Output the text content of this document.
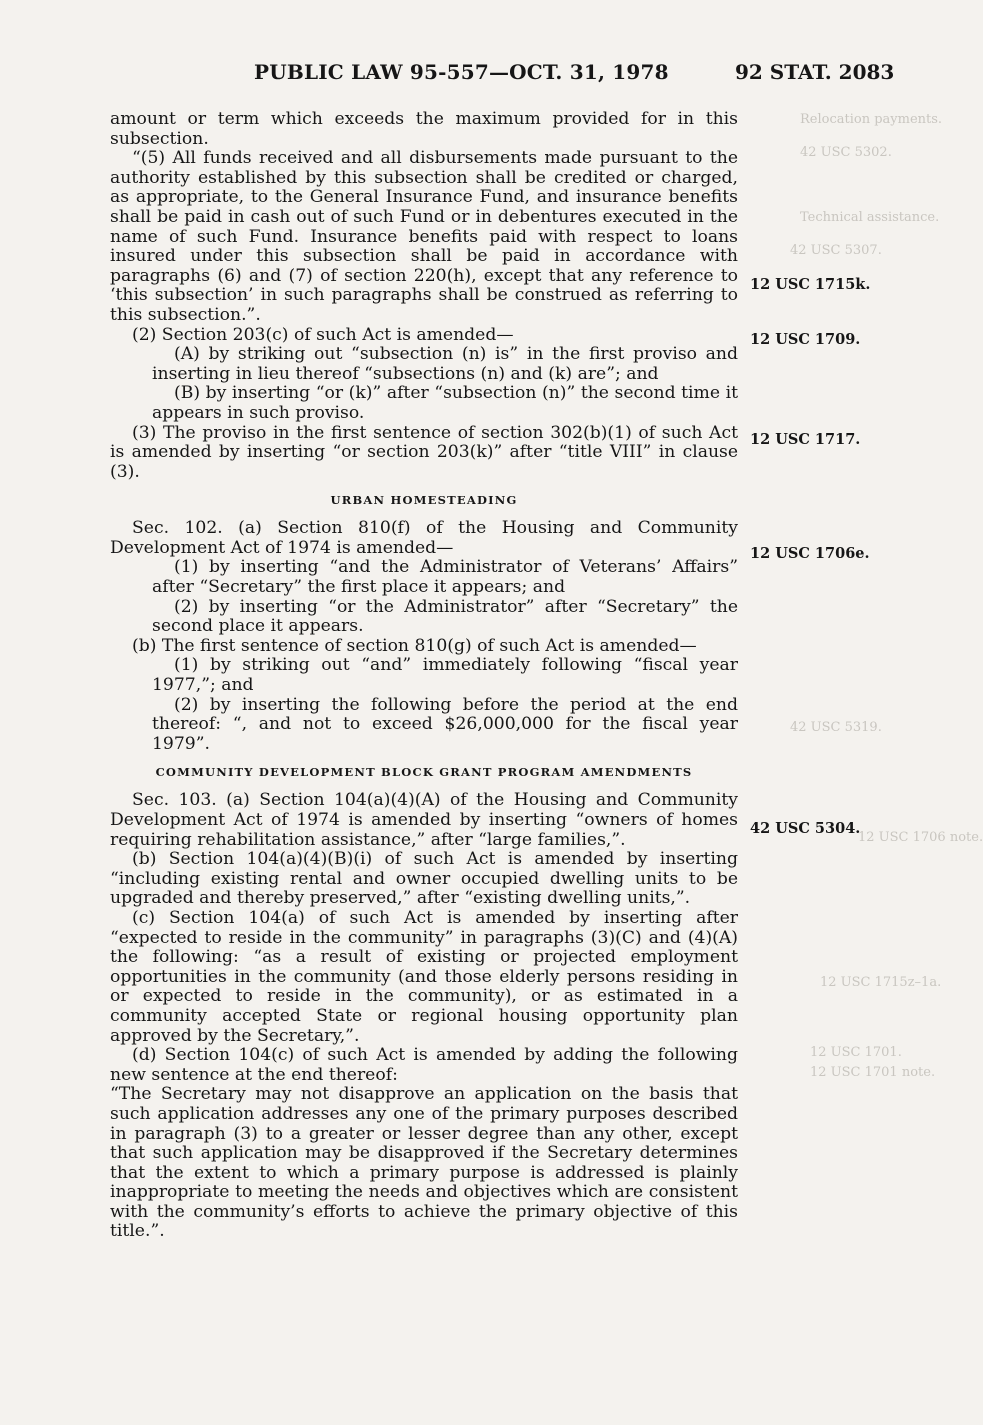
Relocation payments.
42 USC 5302.
Technical assistance.
42 USC 5307.
42 USC 5319.
12 USC 1706 note.
12 USC 1715z–1a.
12 USC 1701.
12 USC 1701 note.
PUBLIC LAW 95-557—OCT. 31, 1978	92 STAT. 2083
12 USC 1715k.
12 USC 1709.
12 USC 1717.
12 USC 1706e.
42 USC 5304.

amount or term which exceeds the maximum provided for in this subsection.

“(5) All funds received and all disbursements made pursuant to the authority established by this subsection shall be credited or charged, as appropriate, to the General Insurance Fund, and insurance benefits shall be paid in cash out of such Fund or in debentures executed in the name of such Fund. Insurance benefits paid with respect to loans insured under this subsection shall be paid in accordance with paragraphs (6) and (7) of section 220(h), except that any reference to ‘this subsection’ in such paragraphs shall be construed as referring to this subsection.”.

(2) Section 203(c) of such Act is amended—

(A) by striking out “subsection (n) is” in the first proviso and inserting in lieu thereof “subsections (n) and (k) are”; and

(B) by inserting “or (k)” after “subsection (n)” the second time it appears in such proviso.

(3) The proviso in the first sentence of section 302(b)(1) of such Act is amended by inserting “or section 203(k)” after “title VIII” in clause (3).

URBAN HOMESTEADING

Sec. 102. (a) Section 810(f) of the Housing and Community Development Act of 1974 is amended—

(1) by inserting “and the Administrator of Veterans’ Affairs” after “Secretary” the first place it appears; and

(2) by inserting “or the Administrator” after “Secretary” the second place it appears.

(b) The first sentence of section 810(g) of such Act is amended—

(1) by striking out “and” immediately following “fiscal year 1977,”; and

(2) by inserting the following before the period at the end thereof: “, and not to exceed $26,000,000 for the fiscal year 1979”.

COMMUNITY DEVELOPMENT BLOCK GRANT PROGRAM AMENDMENTS

Sec. 103. (a) Section 104(a)(4)(A) of the Housing and Community Development Act of 1974 is amended by inserting “owners of homes requiring rehabilitation assistance,” after “large families,”.

(b) Section 104(a)(4)(B)(i) of such Act is amended by inserting “including existing rental and owner occupied dwelling units to be upgraded and thereby preserved,” after “existing dwelling units,”.

(c) Section 104(a) of such Act is amended by inserting after “expected to reside in the community” in paragraphs (3)(C) and (4)(A) the following: “as a result of existing or projected employment opportunities in the community (and those elderly persons residing in or expected to reside in the community), or as estimated in a community accepted State or regional housing opportunity plan approved by the Secretary,”.

(d) Section 104(c) of such Act is amended by adding the following new sentence at the end thereof:

“The Secretary may not disapprove an application on the basis that such application addresses any one of the primary purposes described in paragraph (3) to a greater or lesser degree than any other, except that such application may be disapproved if the Secretary determines that the extent to which a primary purpose is addressed is plainly inappropriate to meeting the needs and objectives which are consistent with the community’s efforts to achieve the primary objective of this title.”.
